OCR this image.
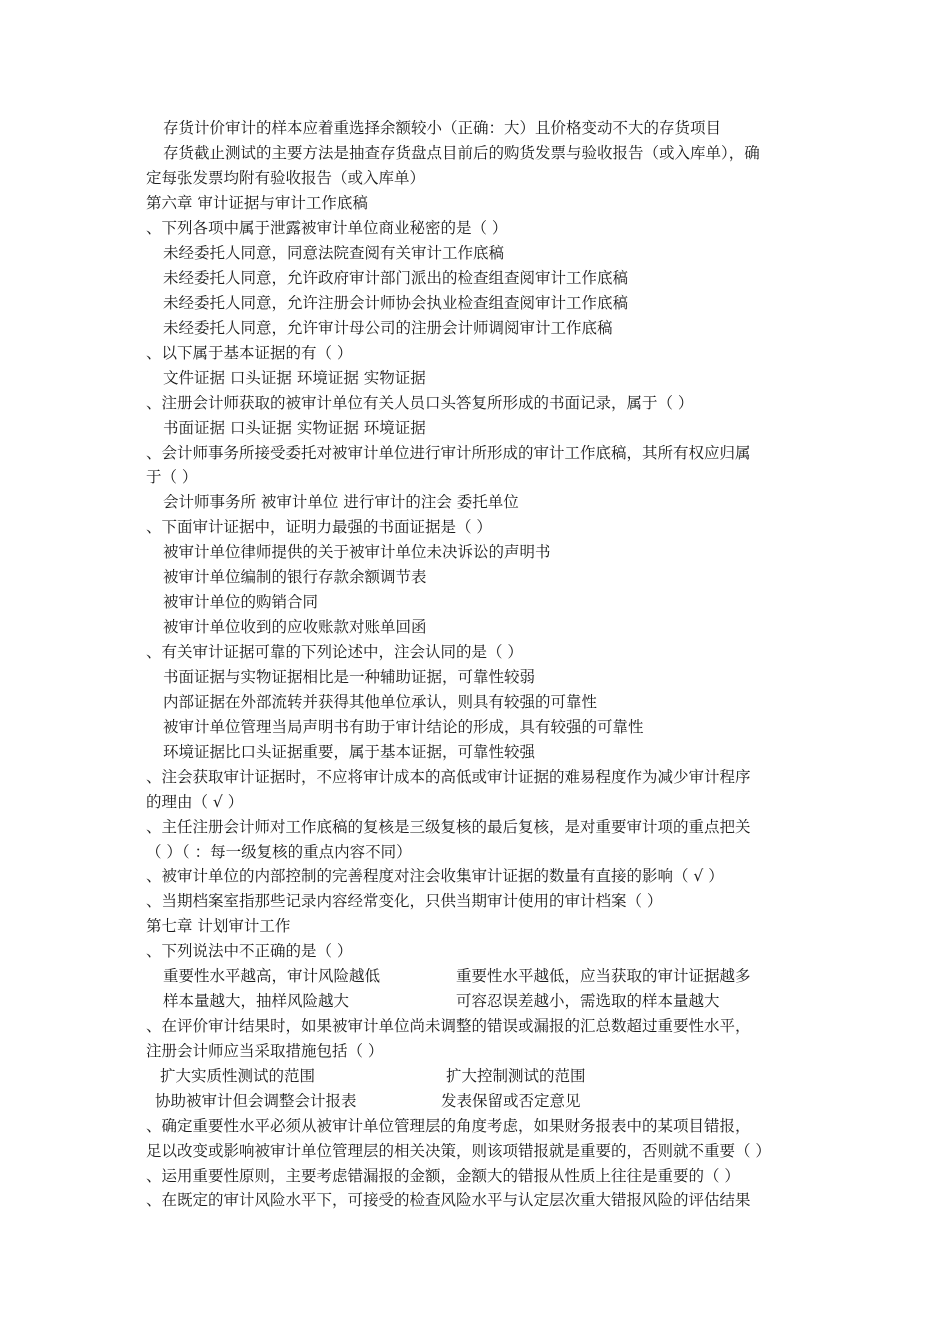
存货计价审计的样本应着重选择余额较小（正确：大）且价格变动不大的存货项目
存货截止测试的主要方法是抽查存货盘点目前后的购货发票与验收报告（或入库单），确
定每张发票均附有验收报告（或入库单）
第六章 审计证据与审计工作底稿
、下列各项中属于泄露被审计单位商业秘密的是（ ）
未经委托人同意，同意法院查阅有关审计工作底稿
未经委托人同意，允许政府审计部门派出的检查组查阅审计工作底稿
未经委托人同意，允许注册会计师协会执业检查组查阅审计工作底稿
未经委托人同意，允许审计母公司的注册会计师调阅审计工作底稿
、以下属于基本证据的有（ ）
文件证据 口头证据 环境证据 实物证据
、注册会计师获取的被审计单位有关人员口头答复所形成的书面记录，属于（ ）
书面证据 口头证据 实物证据 环境证据
、会计师事务所接受委托对被审计单位进行审计所形成的审计工作底稿，其所有权应归属
于（ ）
会计师事务所 被审计单位 进行审计的注会 委托单位
、下面审计证据中，证明力最强的书面证据是（ ）
被审计单位律师提供的关于被审计单位未决诉讼的声明书
被审计单位编制的银行存款余额调节表
被审计单位的购销合同
被审计单位收到的应收账款对账单回函
、有关审计证据可靠的下列论述中，注会认同的是（ ）
书面证据与实物证据相比是一种辅助证据，可靠性较弱
内部证据在外部流转并获得其他单位承认，则具有较强的可靠性
被审计单位管理当局声明书有助于审计结论的形成，具有较强的可靠性
环境证据比口头证据重要，属于基本证据，可靠性较强
、注会获取审计证据时，不应将审计成本的高低或审计证据的难易程度作为减少审计程序
的理由（ √ ）
、主任注册会计师对工作底稿的复核是三级复核的最后复核，是对重要审计项的重点把关
（ ）（ ：每一级复核的重点内容不同）
、被审计单位的内部控制的完善程度对注会收集审计证据的数量有直接的影响（ √ ）
、当期档案室指那些记录内容经常变化，只供当期审计使用的审计档案（ ）
第七章 计划审计工作
、下列说法中不正确的是（ ）
重要性水平越高，审计风险越低	重要性水平越低，应当获取的审计证据越多
样本量越大，抽样风险越大	可容忍误差越小，需选取的样本量越大
、在评价审计结果时，如果被审计单位尚未调整的错误或漏报的汇总数超过重要性水平，
注册会计师应当采取措施包括（ ）
扩大实质性测试的范围	扩大控制测试的范围
协助被审计但会调整会计报表	发表保留或否定意见
、确定重要性水平必须从被审计单位管理层的角度考虑，如果财务报表中的某项目错报，
足以改变或影响被审计单位管理层的相关决策，则该项错报就是重要的，否则就不重要（ ）
、运用重要性原则，主要考虑错漏报的金额，金额大的错报从性质上往往是重要的（ ）
、在既定的审计风险水平下，可接受的检查风险水平与认定层次重大错报风险的评估结果
